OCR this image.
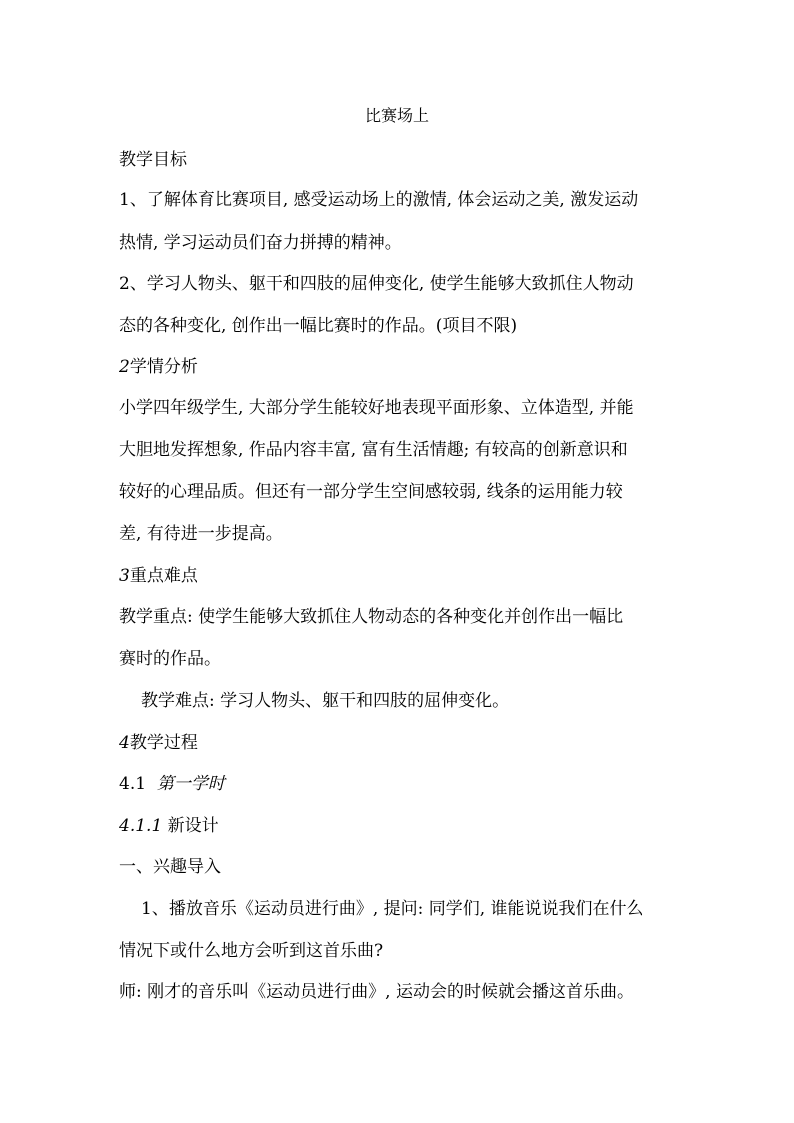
比赛场上
教学目标
1、了解体育比赛项目, 感受运动场上的激情, 体会运动之美, 激发运动
热情, 学习运动员们奋力拼搏的精神。
2、学习人物头、躯干和四肢的屈伸变化, 使学生能够大致抓住人物动
态的各种变化, 创作出一幅比赛时的作品。(项目不限)
2学情分析
小学四年级学生, 大部分学生能较好地表现平面形象、立体造型, 并能
大胆地发挥想象, 作品内容丰富, 富有生活情趣; 有较高的创新意识和
较好的心理品质。但还有一部分学生空间感较弱, 线条的运用能力较
差, 有待进一步提高。
3重点难点
教学重点: 使学生能够大致抓住人物动态的各种变化并创作出一幅比
赛时的作品。
教学难点: 学习人物头、躯干和四肢的屈伸变化。
4教学过程
4.1 第一学时
4.1.1 新设计
一、兴趣导入
1、播放音乐《运动员进行曲》, 提问: 同学们, 谁能说说我们在什么
情况下或什么地方会听到这首乐曲?
师: 刚才的音乐叫《运动员进行曲》, 运动会的时候就会播这首乐曲。
